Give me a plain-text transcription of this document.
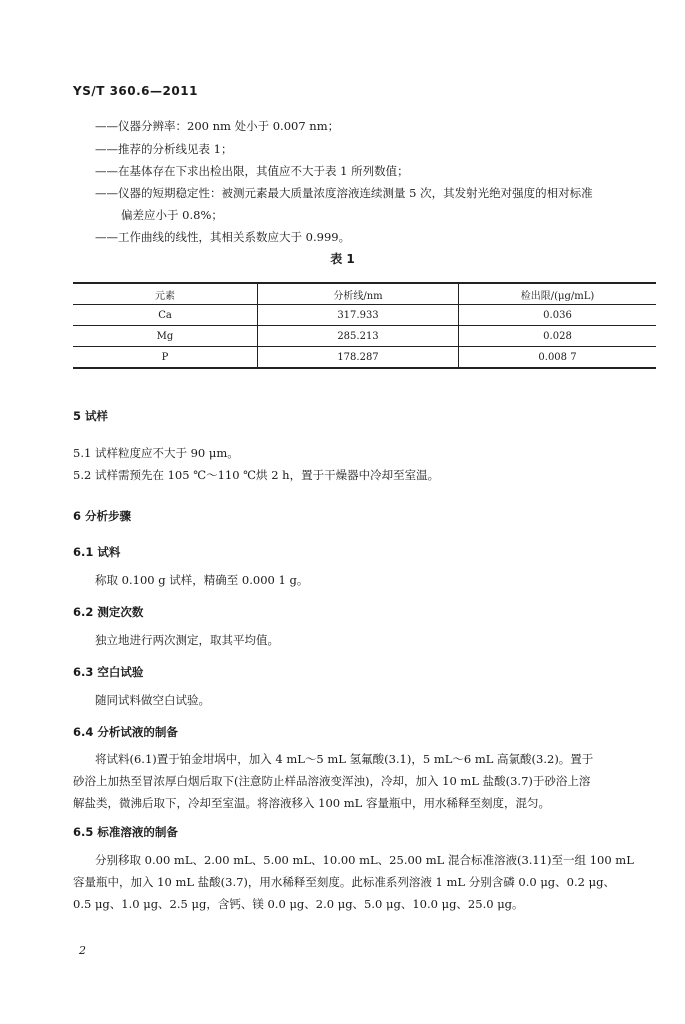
YS/T 360.6—2011
——仪器分辨率：200 nm 处小于 0.007 nm；
——推荐的分析线见表 1；
——在基体存在下求出检出限，其值应不大于表 1 所列数值；
——仪器的短期稳定性：被测元素最大质量浓度溶液连续测量 5 次，其发射光绝对强度的相对标准
偏差应小于 0.8%；
——工作曲线的线性，其相关系数应大于 0.999。
表 1
元素	分析线/nm	检出限/(μg/mL)
Ca	317.933	0.036
Mg	285.213	0.028
P	178.287	0.008 7
5 试样
5.1 试样粒度应不大于 90 μm。
5.2 试样需预先在 105 ℃～110 ℃烘 2 h，置于干燥器中冷却至室温。
6 分析步骤
6.1 试料
称取 0.100 g 试样，精确至 0.000 1 g。
6.2 测定次数
独立地进行两次测定，取其平均值。
6.3 空白试验
随同试料做空白试验。
6.4 分析试液的制备
将试料(6.1)置于铂金坩埚中，加入 4 mL～5 mL 氢氟酸(3.1)，5 mL～6 mL 高氯酸(3.2)。置于
砂浴上加热至冒浓厚白烟后取下(注意防止样品溶液变浑浊)，冷却，加入 10 mL 盐酸(3.7)于砂浴上溶
解盐类，微沸后取下，冷却至室温。将溶液移入 100 mL 容量瓶中，用水稀释至刻度，混匀。
6.5 标准溶液的制备
分别移取 0.00 mL、2.00 mL、5.00 mL、10.00 mL、25.00 mL 混合标准溶液(3.11)至一组 100 mL
容量瓶中，加入 10 mL 盐酸(3.7)，用水稀释至刻度。此标准系列溶液 1 mL 分别含磷 0.0 μg、0.2 μg、
0.5 μg、1.0 μg、2.5 μg，含钙、镁 0.0 μg、2.0 μg、5.0 μg、10.0 μg、25.0 μg。
2
